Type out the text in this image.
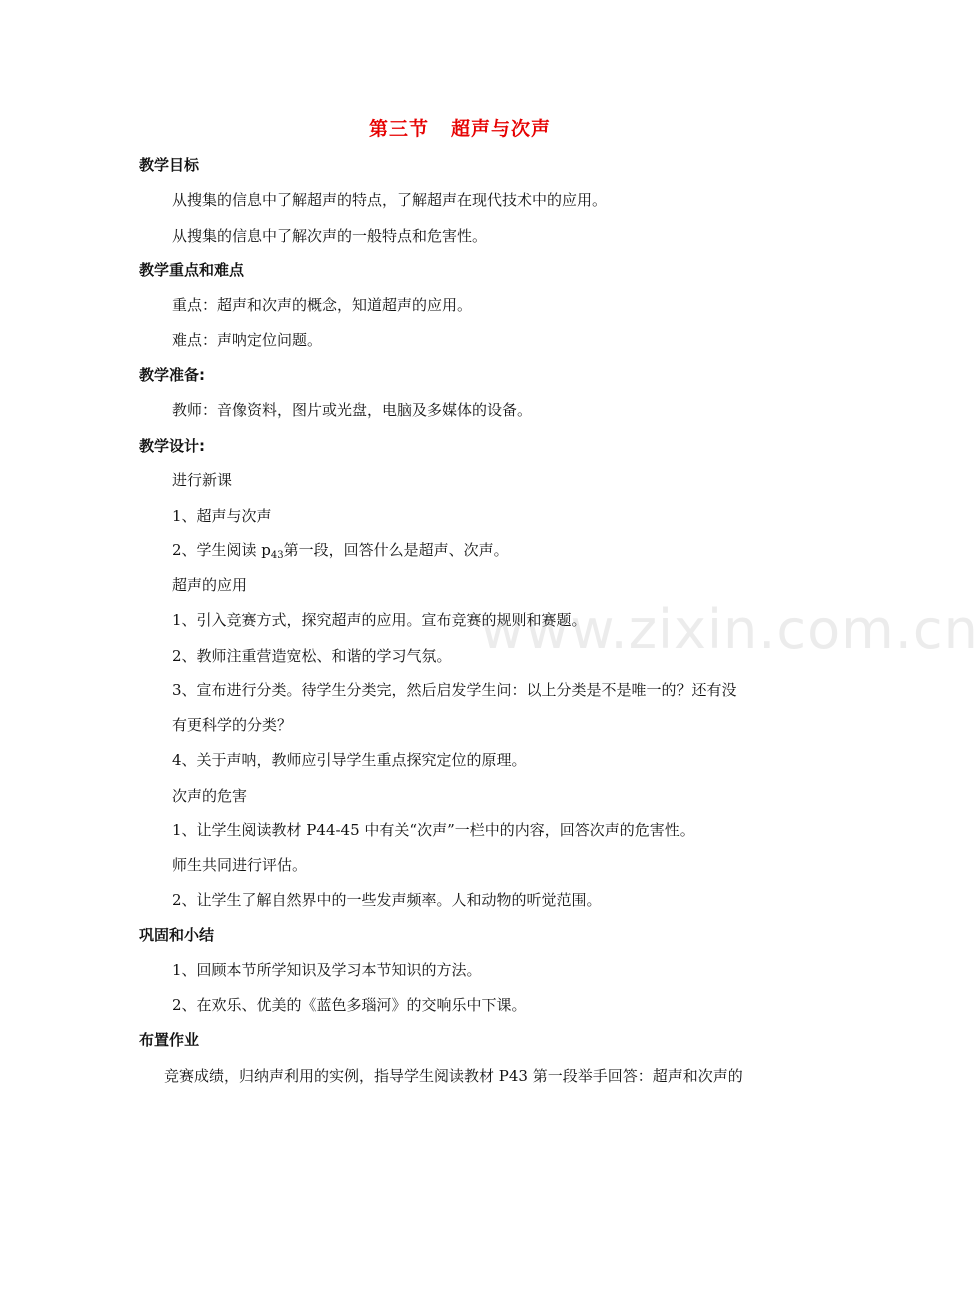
www.zixin.com.cn
第三节 超声与次声
教学目标
从搜集的信息中了解超声的特点，了解超声在现代技术中的应用。
从搜集的信息中了解次声的一般特点和危害性。
教学重点和难点
重点：超声和次声的概念，知道超声的应用。
难点：声呐定位问题。
教学准备:
教师：音像资料，图片或光盘，电脑及多媒体的设备。
教学设计:
进行新课
1、超声与次声
2、学生阅读 $p_{43}$第一段，回答什么是超声、次声。
超声的应用
1、引入竞赛方式，探究超声的应用。宣布竞赛的规则和赛题。
2、教师注重营造宽松、和谐的学习气氛。
3、宣布进行分类。待学生分类完，然后启发学生问：以上分类是不是唯一的？还有没
有更科学的分类？
4、关于声呐，教师应引导学生重点探究定位的原理。
次声的危害
1、让学生阅读教材 P44-45 中有关“次声”一栏中的内容，回答次声的危害性。
师生共同进行评估。
2、让学生了解自然界中的一些发声频率。人和动物的听觉范围。
巩固和小结
1、回顾本节所学知识及学习本节知识的方法。
2、在欢乐、优美的《蓝色多瑙河》的交响乐中下课。
布置作业
竞赛成绩，归纳声利用的实例，指导学生阅读教材 P43 第一段举手回答：超声和次声的
